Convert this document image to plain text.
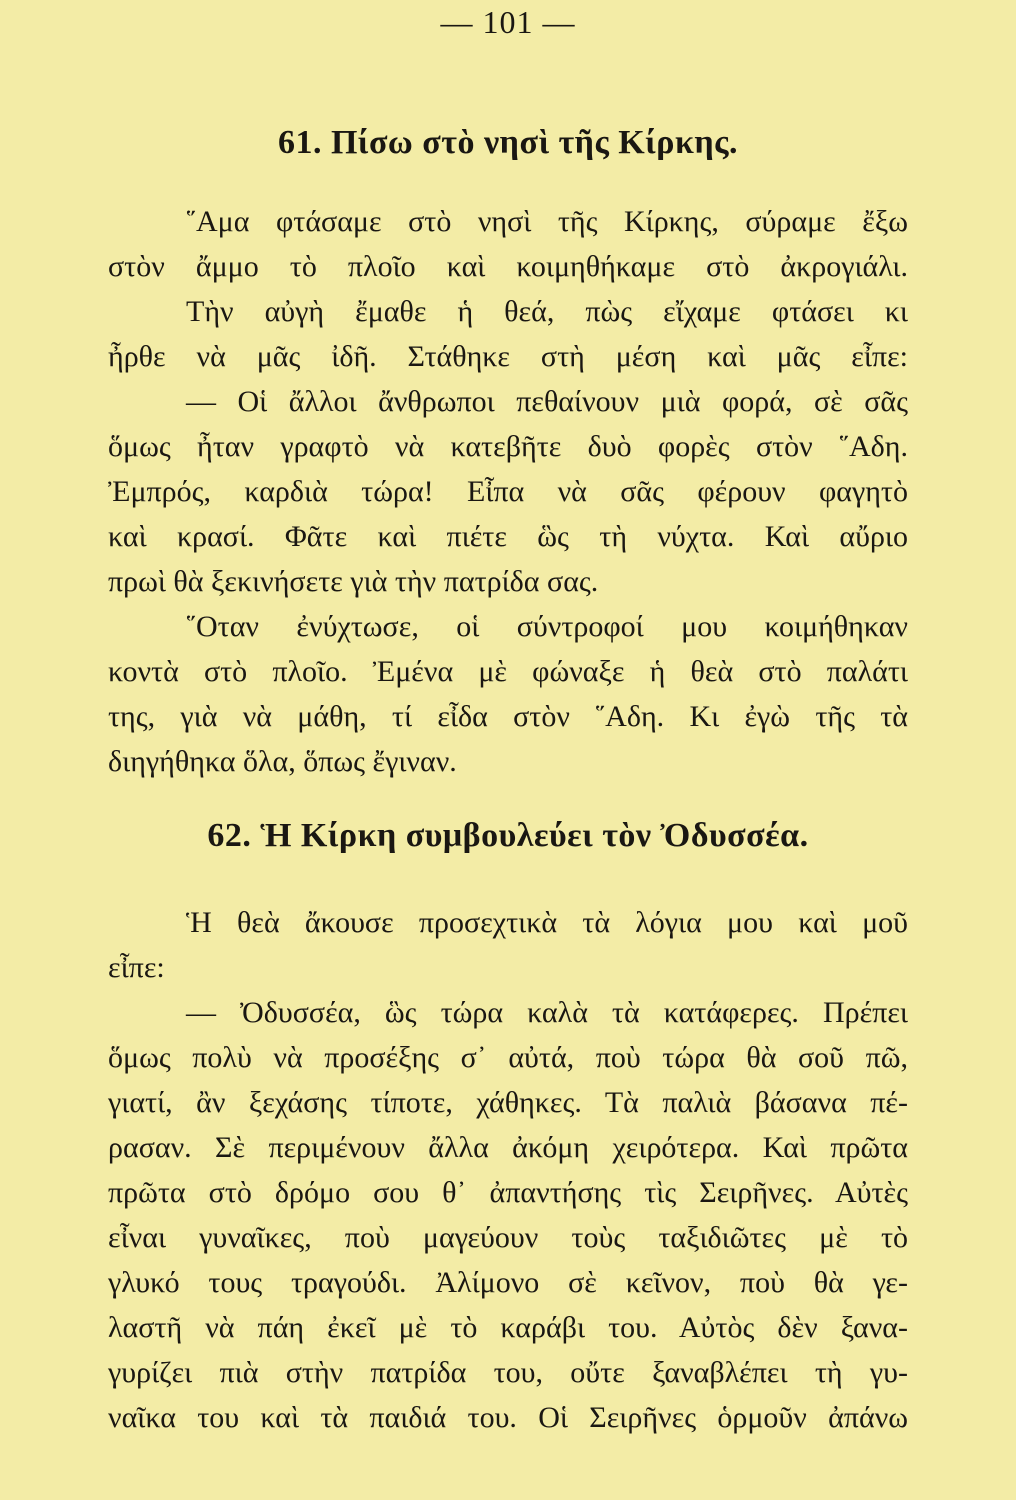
— 101 —
61. Πίσω στὸ νησὶ τῆς Κίρκης.
῞Αμα φτάσαμε στὸ νησὶ τῆς Κίρκης, σύραμε ἔξω
στὸν ἄμμο τὸ πλοῖο καὶ κοιμηθήκαμε στὸ ἀκρογιάλι.
Τὴν αὐγὴ ἔμαθε ἡ θεά, πὼς εἴχαμε φτάσει κι
ἦρθε νὰ μᾶς ἰδῆ. Στάθηκε στὴ μέση καὶ μᾶς εἶπε:
— Οἱ ἄλλοι ἄνθρωποι πεθαίνουν μιὰ φορά, σὲ σᾶς
ὅμως ἦταν γραφτὸ νὰ κατεβῆτε δυὸ φορὲς στὸν ῞Αδη.
Ἐμπρός, καρδιὰ τώρα! Εἶπα νὰ σᾶς φέρουν φαγητὸ
καὶ κρασί. Φᾶτε καὶ πιέτε ὣς τὴ νύχτα. Καὶ αὔριο
πρωὶ θὰ ξεκινήσετε γιὰ τὴν πατρίδα σας.
῞Οταν ἐνύχτωσε, οἱ σύντροφοί μου κοιμήθηκαν
κοντὰ στὸ πλοῖο. Ἐμένα μὲ φώναξε ἡ θεὰ στὸ παλάτι
της, γιὰ νὰ μάθη, τί εἶδα στὸν ῞Αδη. Κι ἐγὼ τῆς τὰ
διηγήθηκα ὅλα, ὅπως ἔγιναν.
62. Ἡ Κίρκη συμβουλεύει τὸν Ὀδυσσέα.
Ἡ θεὰ ἄκουσε προσεχτικὰ τὰ λόγια μου καὶ μοῦ
εἶπε:
— Ὀδυσσέα, ὣς τώρα καλὰ τὰ κατάφερες. Πρέπει
ὅμως πολὺ νὰ προσέξης σ᾽ αὐτά, ποὺ τώρα θὰ σοῦ πῶ,
γιατί, ἂν ξεχάσης τίποτε, χάθηκες. Τὰ παλιὰ βάσανα πέ-
ρασαν. Σὲ περιμένουν ἄλλα ἀκόμη χειρότερα. Καὶ πρῶτα
πρῶτα στὸ δρόμο σου θ᾽ ἀπαντήσης τὶς Σειρῆνες. Αὐτὲς
εἶναι γυναῖκες, ποὺ μαγεύουν τοὺς ταξιδιῶτες μὲ τὸ
γλυκό τους τραγούδι. Ἀλίμονο σὲ κεῖνον, ποὺ θὰ γε-
λαστῆ νὰ πάη ἐκεῖ μὲ τὸ καράβι του. Αὐτὸς δὲν ξανα-
γυρίζει πιὰ στὴν πατρίδα του, οὔτε ξαναβλέπει τὴ γυ-
ναῖκα του καὶ τὰ παιδιά του. Οἱ Σειρῆνες ὁρμοῦν ἀπάνω
